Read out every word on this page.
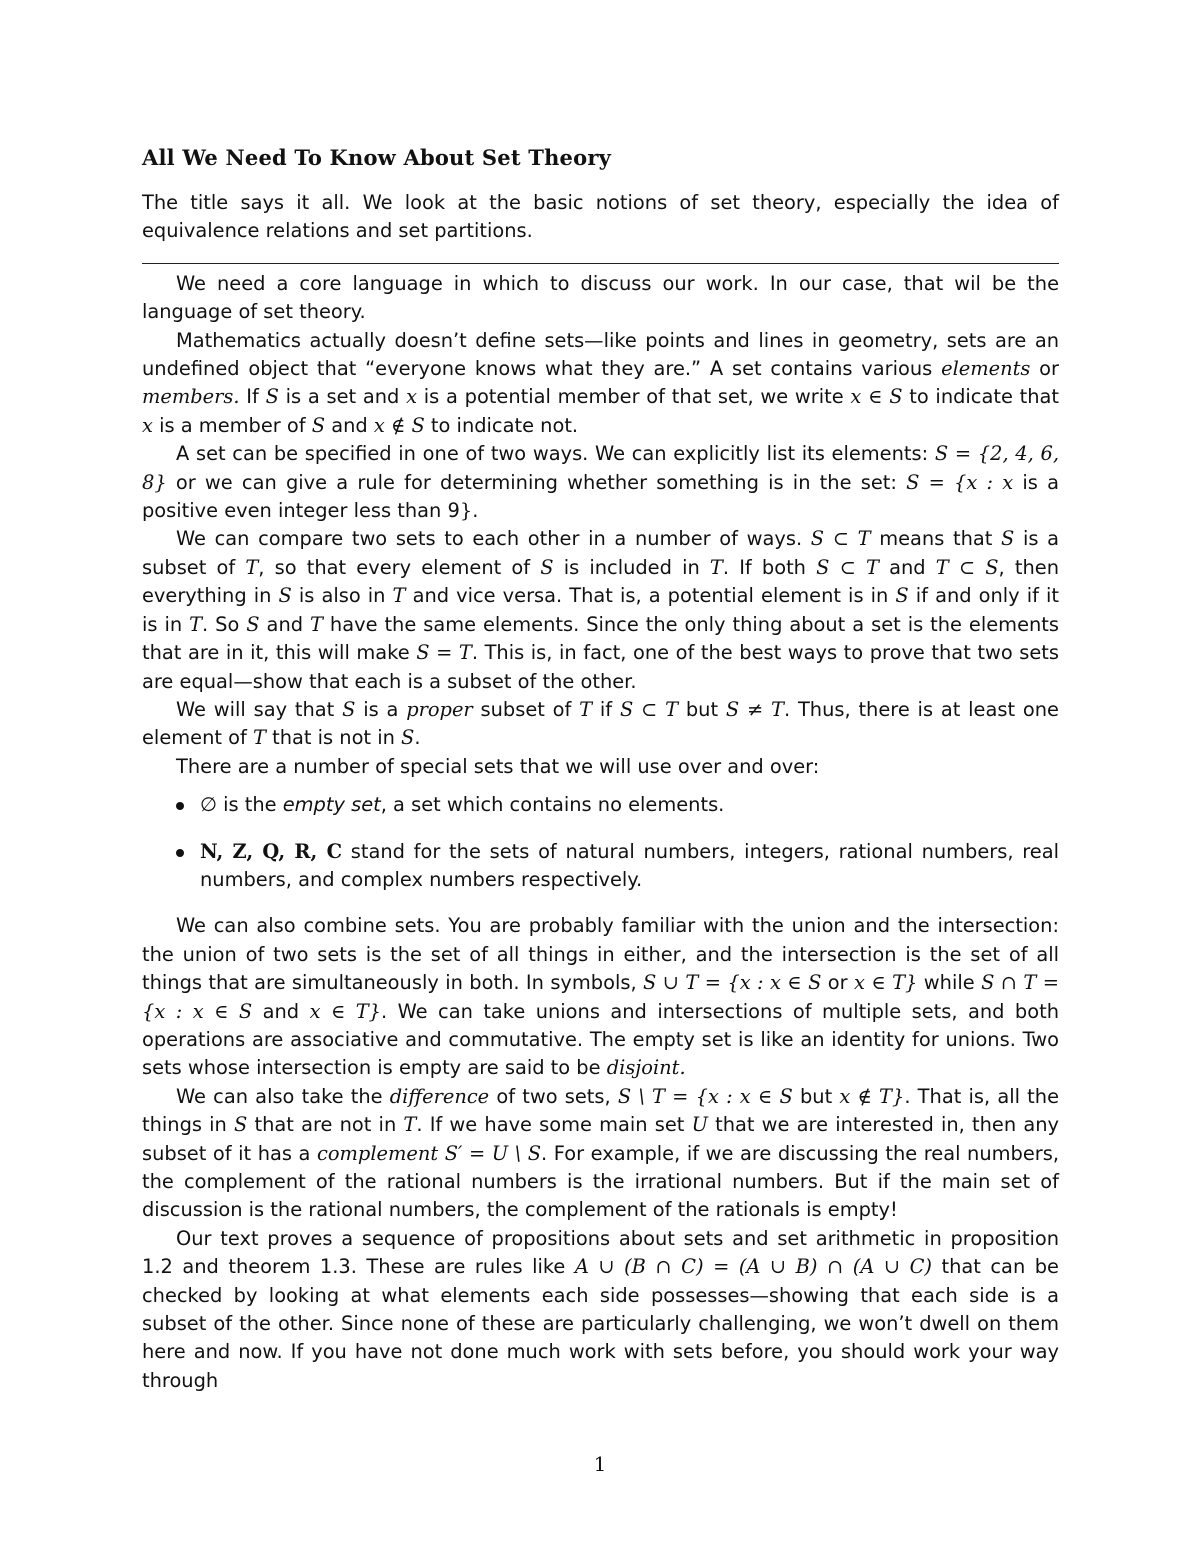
All We Need To Know About Set Theory

The title says it all. We look at the basic notions of set theory, especially the idea of equivalence relations and set partitions.

We need a core language in which to discuss our work. In our case, that wil be the language of set theory.

Mathematics actually doesn’t define sets—like points and lines in geometry, sets are an undefined object that “everyone knows what they are.” A set contains various elements or members. If S is a set and x is a potential member of that set, we write x ∈ S to indicate that x is a member of S and x ∉ S to indicate not.

A set can be specified in one of two ways. We can explicitly list its elements: S = {2, 4, 6, 8} or we can give a rule for determining whether something is in the set: S = {x : x is a positive even integer less than 9}.

We can compare two sets to each other in a number of ways. S ⊂ T means that S is a subset of T, so that every element of S is included in T. If both S ⊂ T and T ⊂ S, then everything in S is also in T and vice versa. That is, a potential element is in S if and only if it is in T. So S and T have the same elements. Since the only thing about a set is the elements that are in it, this will make S = T. This is, in fact, one of the best ways to prove that two sets are equal—show that each is a subset of the other.

We will say that S is a proper subset of T if S ⊂ T but S ≠ T. Thus, there is at least one element of T that is not in S.

There are a number of special sets that we will use over and over:

∅ is the empty set, a set which contains no elements.
N, Z, Q, R, C stand for the sets of natural numbers, integers, rational numbers, real numbers, and complex numbers respectively.

We can also combine sets. You are probably familiar with the union and the intersection: the union of two sets is the set of all things in either, and the intersection is the set of all things that are simultaneously in both. In symbols, S ∪ T = {x : x ∈ S or x ∈ T} while S ∩ T = {x : x ∈ S and x ∈ T}. We can take unions and intersections of multiple sets, and both operations are associative and commutative. The empty set is like an identity for unions. Two sets whose intersection is empty are said to be disjoint.

We can also take the difference of two sets, S \ T = {x : x ∈ S but x ∉ T}. That is, all the things in S that are not in T. If we have some main set U that we are interested in, then any subset of it has a complement S′ = U \ S. For example, if we are discussing the real numbers, the complement of the rational numbers is the irrational numbers. But if the main set of discussion is the rational numbers, the complement of the rationals is empty!

Our text proves a sequence of propositions about sets and set arithmetic in proposition 1.2 and theorem 1.3. These are rules like A ∪ (B ∩ C) = (A ∪ B) ∩ (A ∪ C) that can be checked by looking at what elements each side possesses—showing that each side is a subset of the other. Since none of these are particularly challenging, we won’t dwell on them here and now. If you have not done much work with sets before, you should work your way through

1
